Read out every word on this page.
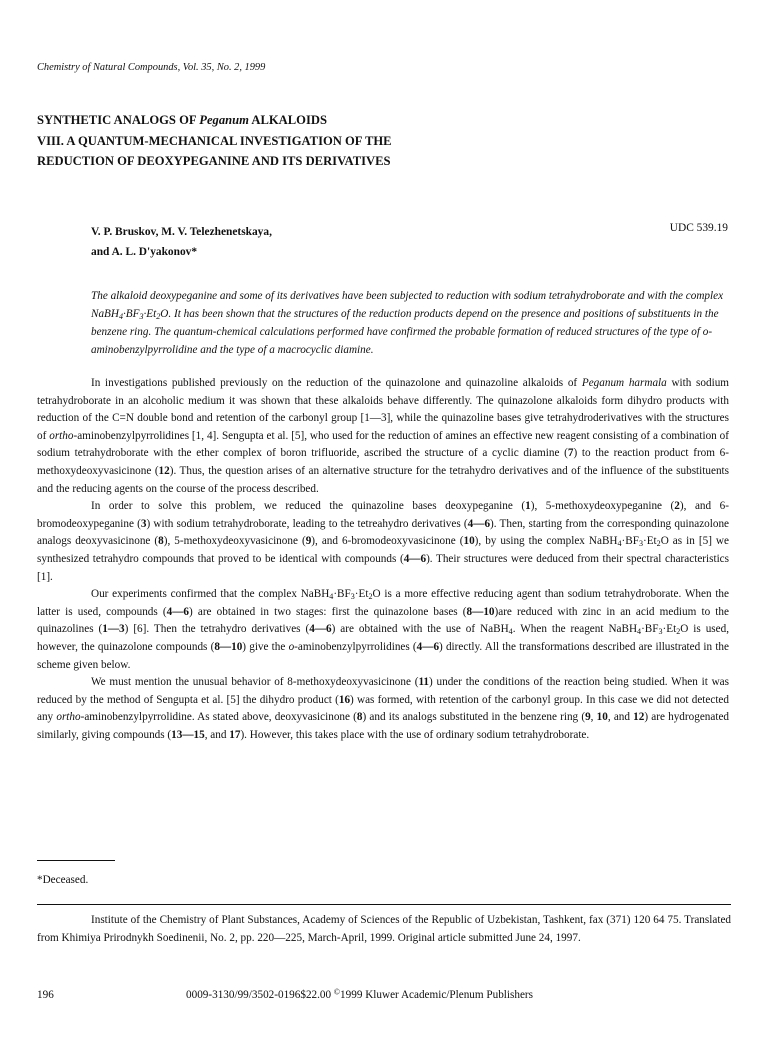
Chemistry of Natural Compounds, Vol. 35, No. 2, 1999
SYNTHETIC ANALOGS OF Peganum ALKALOIDS
VIII. A QUANTUM-MECHANICAL INVESTIGATION OF THE
REDUCTION OF DEOXYPEGANINE AND ITS DERIVATIVES
V. P. Bruskov, M. V. Telezhenetskaya,
and A. L. D'yakonov*
UDC 539.19

The alkaloid deoxypeganine and some of its derivatives have been subjected to reduction with sodium tetrahydroborate and with the complex $NaBH_4\cdot BF_3\cdot Et_2O$. It has been shown that the structures of the reduction products depend on the presence and positions of substituents in the benzene ring. The quantum-chemical calculations performed have confirmed the probable formation of reduced structures of the type of o-aminobenzylpyrrolidine and the type of a macrocyclic diamine.

In investigations published previously on the reduction of the quinazolone and quinazoline alkaloids of Peganum harmala with sodium tetrahydroborate in an alcoholic medium it was shown that these alkaloids behave differently. The quinazolone alkaloids form dihydro products with reduction of the C=N double bond and retention of the carbonyl group [1—3], while the quinazoline bases give tetrahydroderivatives with the structures of ortho-aminobenzylpyrrolidines [1, 4]. Sengupta et al. [5], who used for the reduction of amines an effective new reagent consisting of a combination of sodium tetrahydroborate with the ether complex of boron trifluoride, ascribed the structure of a cyclic diamine (7) to the reaction product from 6-methoxydeoxyvasicinone (12). Thus, the question arises of an alternative structure for the tetrahydro derivatives and of the influence of the substituents and the reducing agents on the course of the process described.

In order to solve this problem, we reduced the quinazoline bases deoxypeganine (1), 5-methoxydeoxypeganine (2), and 6-bromodeoxypeganine (3) with sodium tetrahydroborate, leading to the tetreahydro derivatives (4—6). Then, starting from the corresponding quinazolone analogs deoxyvasicinone (8), 5-methoxydeoxyvasicinone (9), and 6-bromodeoxyvasicinone (10), by using the complex $NaBH_4\cdot BF_3\cdot Et_2O$ as in [5] we synthesized tetrahydro compounds that proved to be identical with compounds (4—6). Their structures were deduced from their spectral characteristics [1].

Our experiments confirmed that the complex $NaBH_4\cdot BF_3\cdot Et_2O$ is a more effective reducing agent than sodium tetrahydroborate. When the latter is used, compounds (4—6) are obtained in two stages: first the quinazolone bases (8—10)are reduced with zinc in an acid medium to the quinazolines (1—3) [6]. Then the tetrahydro derivatives (4—6) are obtained with the use of NaBH$_4$. When the reagent $NaBH_4\cdot BF_3\cdot Et_2O$ is used, however, the quinazolone compounds (8—10) give the o-aminobenzylpyrrolidines (4—6) directly. All the transformations described are illustrated in the scheme given below.

We must mention the unusual behavior of 8-methoxydeoxyvasicinone (11) under the conditions of the reaction being studied. When it was reduced by the method of Sengupta et al. [5] the dihydro product (16) was formed, with retention of the carbonyl group. In this case we did not detected any ortho-aminobenzylpyrrolidine. As stated above, deoxyvasicinone (8) and its analogs substituted in the benzene ring (9, 10, and 12) are hydrogenated similarly, giving compounds (13—15, and 17). However, this takes place with the use of ordinary sodium tetrahydroborate.

*Deceased.

Institute of the Chemistry of Plant Substances, Academy of Sciences of the Republic of Uzbekistan, Tashkent, fax (371) 120 64 75. Translated from Khimiya Prirodnykh Soedinenii, No. 2, pp. 220—225, March-April, 1999. Original article submitted June 24, 1997.

196	0009-3130/99/3502-0196$22.00 ©1999 Kluwer Academic/Plenum Publishers
